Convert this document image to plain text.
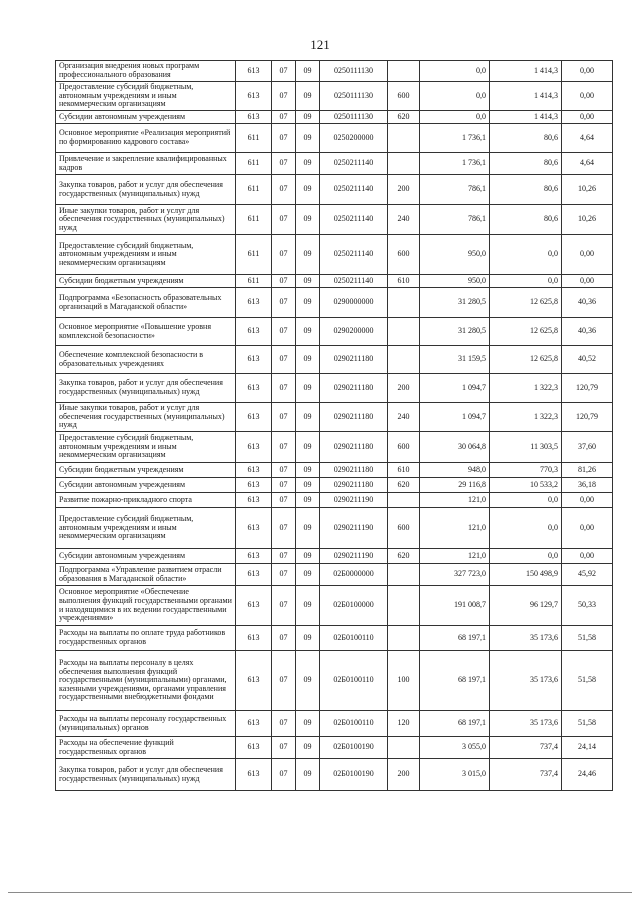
121
Организация внедрения новых программ профессионального образования	613	07	09	0250111130		0,0	1 414,3	0,00
Предоставление субсидий бюджетным, автономным учреждениям и иным некоммерческим организациям	613	07	09	0250111130	600	0,0	1 414,3	0,00
Субсидии автономным учреждениям	613	07	09	0250111130	620	0,0	1 414,3	0,00
Основное мероприятие «Реализация мероприятий по формированию кадрового состава»	611	07	09	0250200000		1 736,1	80,6	4,64
Привлечение и закрепление квалифицированных кадров	611	07	09	0250211140		1 736,1	80,6	4,64
Закупка товаров, работ и услуг для обеспечения государственных (муниципальных) нужд	611	07	09	0250211140	200	786,1	80,6	10,26
Иные закупки товаров, работ и услуг для обеспечения государственных (муниципальных) нужд	611	07	09	0250211140	240	786,1	80,6	10,26
Предоставление субсидий бюджетным, автономным учреждениям и иным некоммерческим организациям	611	07	09	0250211140	600	950,0	0,0	0,00
Субсидии бюджетным учреждениям	611	07	09	0250211140	610	950,0	0,0	0,00
Подпрограмма «Безопасность образовательных организаций в Магаданской области»	613	07	09	0290000000		31 280,5	12 625,8	40,36
Основное мероприятие «Повышение уровня комплексной безопасности»	613	07	09	0290200000		31 280,5	12 625,8	40,36
Обеспечение комплексной безопасности в образовательных учреждениях	613	07	09	0290211180		31 159,5	12 625,8	40,52
Закупка товаров, работ и услуг для обеспечения государственных (муниципальных) нужд	613	07	09	0290211180	200	1 094,7	1 322,3	120,79
Иные закупки товаров, работ и услуг для обеспечения государственных (муниципальных) нужд	613	07	09	0290211180	240	1 094,7	1 322,3	120,79
Предоставление субсидий бюджетным, автономным учреждениям и иным некоммерческим организациям	613	07	09	0290211180	600	30 064,8	11 303,5	37,60
Субсидии бюджетным учреждениям	613	07	09	0290211180	610	948,0	770,3	81,26
Субсидии автономным учреждениям	613	07	09	0290211180	620	29 116,8	10 533,2	36,18
Развитие пожарно-прикладного спорта	613	07	09	0290211190		121,0	0,0	0,00
Предоставление субсидий бюджетным, автономным учреждениям и иным некоммерческим организациям	613	07	09	0290211190	600	121,0	0,0	0,00
Субсидии автономным учреждениям	613	07	09	0290211190	620	121,0	0,0	0,00
Подпрограмма «Управление развитием отрасли образования в Магаданской области»	613	07	09	02Б0000000		327 723,0	150 498,9	45,92
Основное мероприятие «Обеспечение выполнения функций государственными органами и находящимися в их ведении государственными учреждениями»	613	07	09	02Б0100000		191 008,7	96 129,7	50,33
Расходы на выплаты по оплате труда работников государственных органов	613	07	09	02Б0100110		68 197,1	35 173,6	51,58
Расходы на выплаты персоналу в целях обеспечения выполнения функций государственными (муниципальными) органами, казенными учреждениями, органами управления государственными внебюджетными фондами	613	07	09	02Б0100110	100	68 197,1	35 173,6	51,58
Расходы на выплаты персоналу государственных (муниципальных) органов	613	07	09	02Б0100110	120	68 197,1	35 173,6	51,58
Расходы на обеспечение функций государственных органов	613	07	09	02Б0100190		3 055,0	737,4	24,14
Закупка товаров, работ и услуг для обеспечения государственных (муниципальных) нужд	613	07	09	02Б0100190	200	3 015,0	737,4	24,46
